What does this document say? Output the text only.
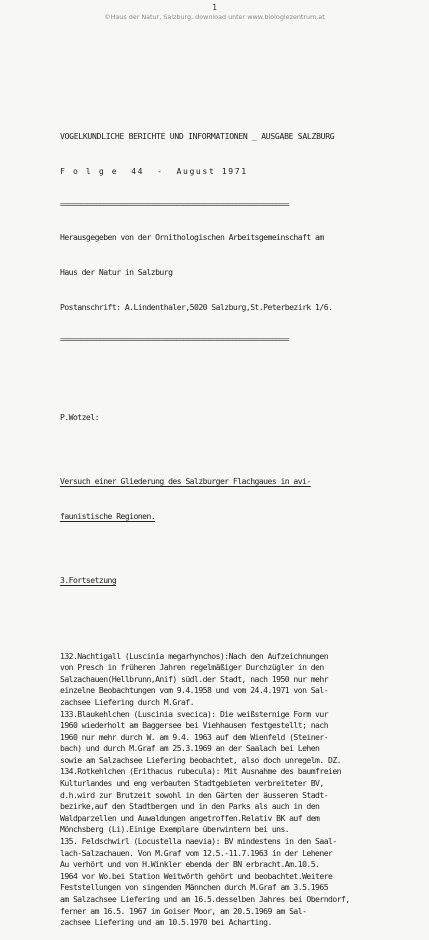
1
©Haus der Natur, Salzburg, download unter www.biologiezentrum.at

VOGELKUNDLICHE BERICHTE UND INFORMATIONEN _ AUSGABE SALZBURG

F o l g e  44  -  August 1971

=====================================================================

Herausgegeben von der Ornithologischen Arbeitsgemeinschaft am

Haus der Natur in Salzburg

Postanschrift: A.Lindenthaler,5020 Salzburg,St.Peterbezirk 1/6.

=====================================================================

P.Wotzel:

Versuch einer Gliederung des Salzburger Flachgaues in avi-

faunistische Regionen.

3.Fortsetzung

132.Nachtigall (Luscinia megarhynchos):Nach den Aufzeichnungen
von Presch in früheren Jahren regelmäßiger Durchzügler in den
Salzachauen(Hellbrunn,Anif) südl.der Stadt, nach 1950 nur mehr
einzelne Beobachtungen vom 9.4.1958 und vom 24.4.1971 von Sal-
zachsee Liefering durch M.Graf.
133.Blaukehlchen (Luscinia svecica): Die weißsternige Form vur
1960 wiederholt am Baggersee bei Viehhausen festgestellt; nach
1960 nur mehr durch W. am 9.4. 1963 auf dem Wienfeld (Steiner-
bach) und durch M.Graf am 25.3.1969 an der Saalach bei Lehen
sowie am Salzachsee Liefering beobachtet, also doch unregelm. DZ.
134.Rotkehlchen (Erithacus rubecula): Mit Ausnahme des baumfreien
Kulturlandes und eng verbauten Stadtgebieten verbreiteter BV,
d.h.wird zur Brutzeit sowohl in den Gärten der äusseren Stadt-
bezirke,auf den Stadtbergen und in den Parks als auch in den
Waldparzellen und Auwaldungen angetroffen.Relativ BK auf dem
Mönchsberg (Li).Einige Exemplare überwintern bei uns.
135. Feldschwirl (Locustella naevia): BV mindestens in den Saal-
lach-Salzachauen. Von M.Graf vom 12.5.-11.7.1963 in der Lehener
Au verhört und von H.Winkler ebenda der BN erbracht.Am.10.5.
1964 vor Wo.bei Station Weitwörth gehört und beobachtet.Weitere
Feststellungen von singenden Männchen durch M.Graf am 3.5.1965
am Salzachsee Liefering und am 16.5.desselben Jahres bei Oberndorf,
ferner am 16.5. 1967 im Goiser Moor, am 20.5.1969 am Sal-
zachsee Liefering und am 10.5.1970 bei Acharting.
